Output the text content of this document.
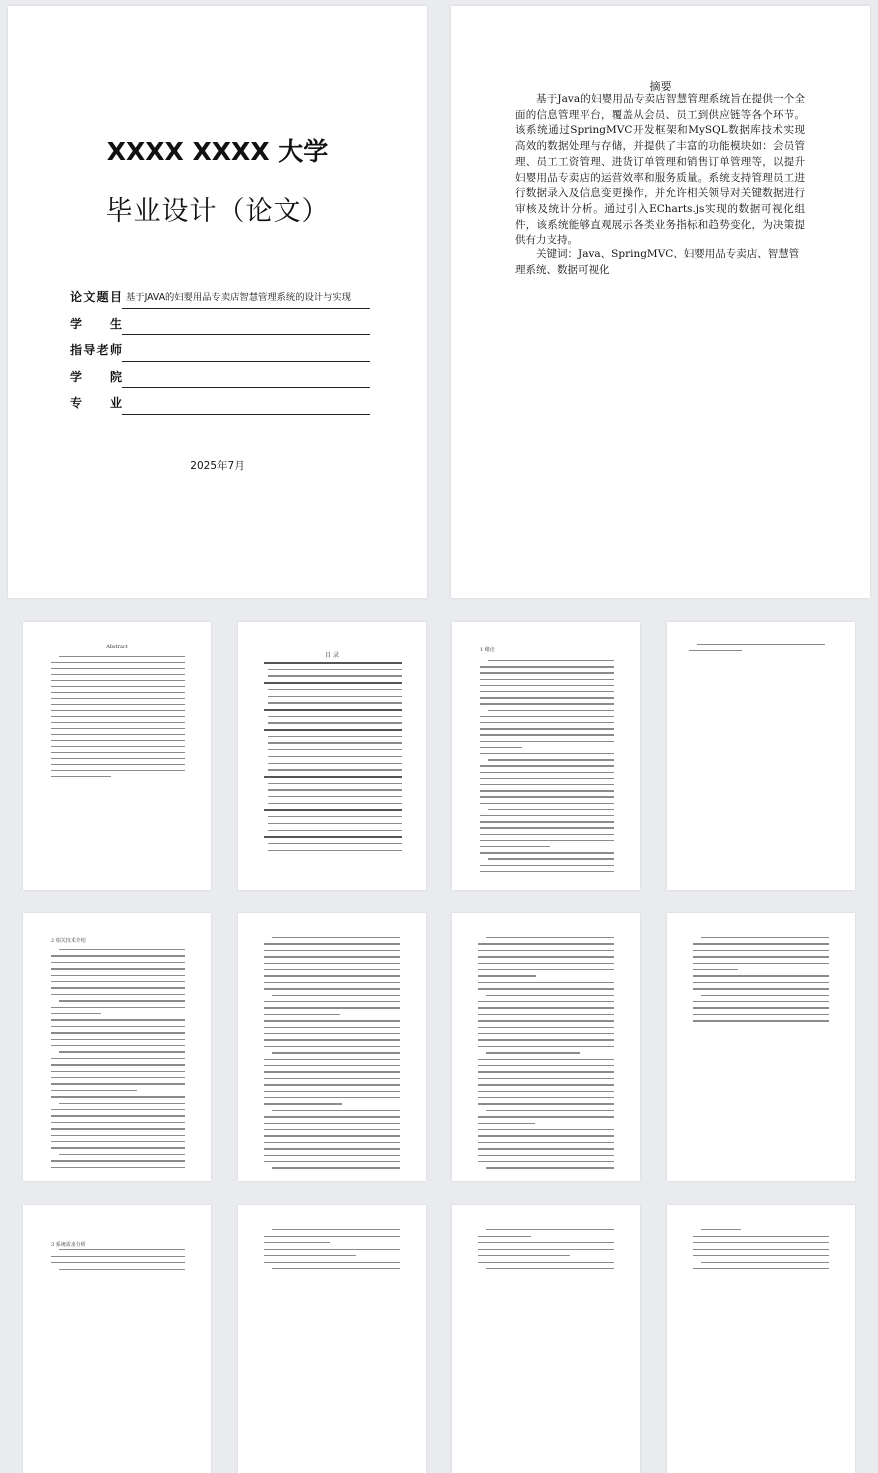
XXXX XXXX 大学
毕业设计（论文）
论 文 题 目 基于JAVA的妇婴用品专卖店智慧管理系统的设计与实现
学 生
指 导 老 师
学 院
专 业
2025年7月
摘要
基于Java的妇婴用品专卖店智慧管理系统旨在提供一个全面的信息管理平台，覆盖从会员、员工到供应链等各个环节。该系统通过SpringMVC开发框架和MySQL数据库技术实现高效的数据处理与存储，并提供了丰富的功能模块如：会员管理、员工工资管理、进货订单管理和销售订单管理等，以提升妇婴用品专卖店的运营效率和服务质量。系统支持管理员工进行数据录入及信息变更操作，并允许相关领导对关键数据进行审核及统计分析。通过引入ECharts.js实现的数据可视化组件，该系统能够直观展示各类业务指标和趋势变化，为决策提供有力支持。
关键词：Java、SpringMVC、妇婴用品专卖店、智慧管理系统、数据可视化
Abstract
目 录
1 绪论
2 相关技术介绍
3 系统需求分析
